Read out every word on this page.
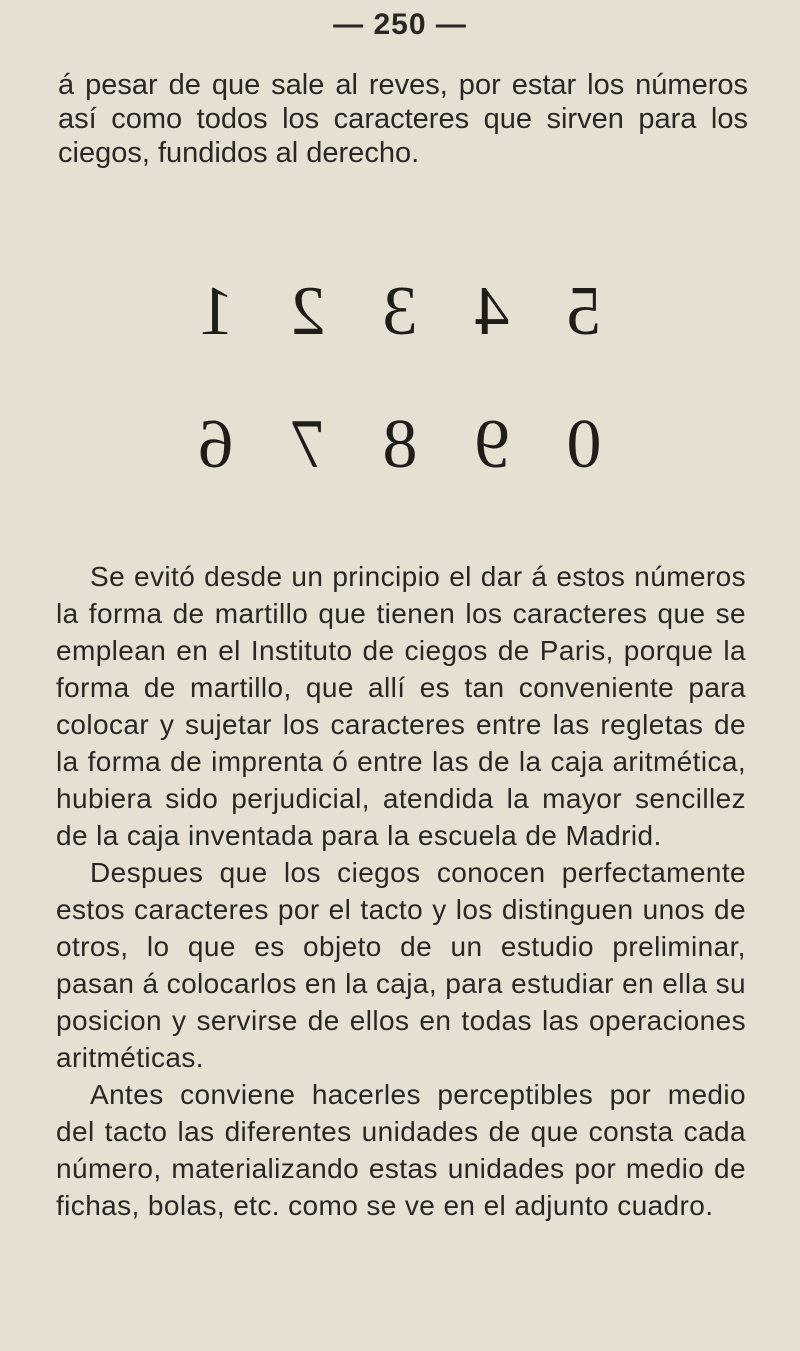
— 250 —
á pesar de que sale al reves, por estar los números así como todos los caracteres que sirven para los ciegos, fundidos al derecho.
1 2 3 4 5
6 7 8 9 0

Se evitó desde un principio el dar á estos números la forma de martillo que tienen los caracteres que se emplean en el Instituto de ciegos de Paris, porque la forma de martillo, que allí es tan conveniente para colocar y sujetar los caracteres entre las regletas de la forma de imprenta ó entre las de la caja aritmética, hubiera sido perjudicial, atendida la mayor sencillez de la caja inventada para la escuela de Madrid.

Despues que los ciegos conocen perfectamente estos caracteres por el tacto y los distinguen unos de otros, lo que es objeto de un estudio preliminar, pasan á colocarlos en la caja, para estudiar en ella su posicion y servirse de ellos en todas las operaciones aritméticas.

Antes conviene hacerles perceptibles por medio del tacto las diferentes unidades de que consta cada número, materializando estas unidades por medio de fichas, bolas, etc. como se ve en el adjunto cuadro.
